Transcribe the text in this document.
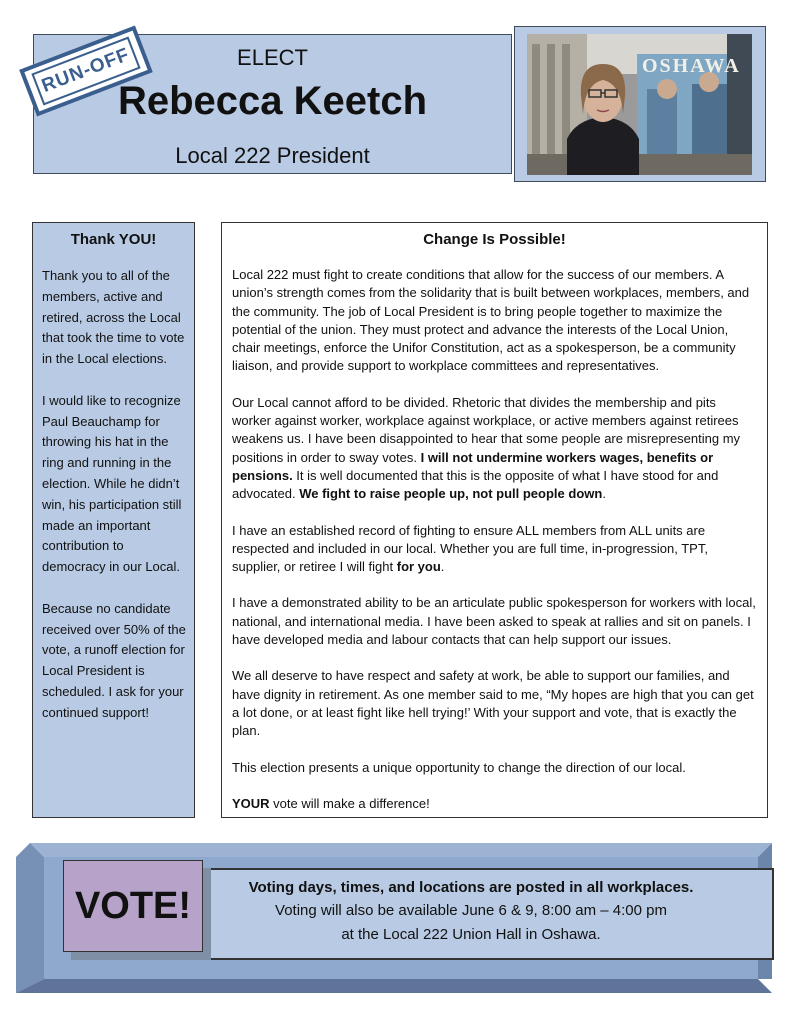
ELECT
Rebecca Keetch
Local 222 President
RUN-OFF	OSHAWA
Thank YOU!

Thank you to all of the members, active and retired, across the Local that took the time to vote in the Local elections.

I would like to recognize Paul Beauchamp for throwing his hat in the ring and running in the election. While he didn’t win, his participation still made an important contribution to democracy in our Local.

Because no candidate received over 50% of the vote, a runoff election for Local President is scheduled. I ask for your continued support!

Change Is Possible!

Local 222 must fight to create conditions that allow for the success of our members. A union’s strength comes from the solidarity that is built between workplaces, members, and the community. The job of Local President is to bring people together to maximize the potential of the union. They must protect and advance the interests of the Local Union, chair meetings, enforce the Unifor Constitution, act as a spokesperson, be a community liaison, and provide support to workplace committees and representatives.

Our Local cannot afford to be divided. Rhetoric that divides the membership and pits worker against worker, workplace against workplace, or active members against retirees weakens us. I have been disappointed to hear that some people are misrepresenting my positions in order to sway votes. I will not undermine workers wages, benefits or pensions. It is well documented that this is the opposite of what I have stood for and advocated. We fight to raise people up, not pull people down.

I have an established record of fighting to ensure ALL members from ALL units are respected and included in our local. Whether you are full time, in-progression, TPT, supplier, or retiree I will fight for you.

I have a demonstrated ability to be an articulate public spokesperson for workers with local, national, and international media. I have been asked to speak at rallies and sit on panels. I have developed media and labour contacts that can help support our issues.

We all deserve to have respect and safety at work, be able to support our families, and have dignity in retirement. As one member said to me, “My hopes are high that you can get a lot done, or at least fight like hell trying!’ With your support and vote, that is exactly the plan.

This election presents a unique opportunity to change the direction of our local.

YOUR vote will make a difference!

Voting days, times, and locations are posted in all workplaces.
Voting will also be available June 6 & 9, 8:00 am – 4:00 pm
at the Local 222 Union Hall in Oshawa.
VOTE!
